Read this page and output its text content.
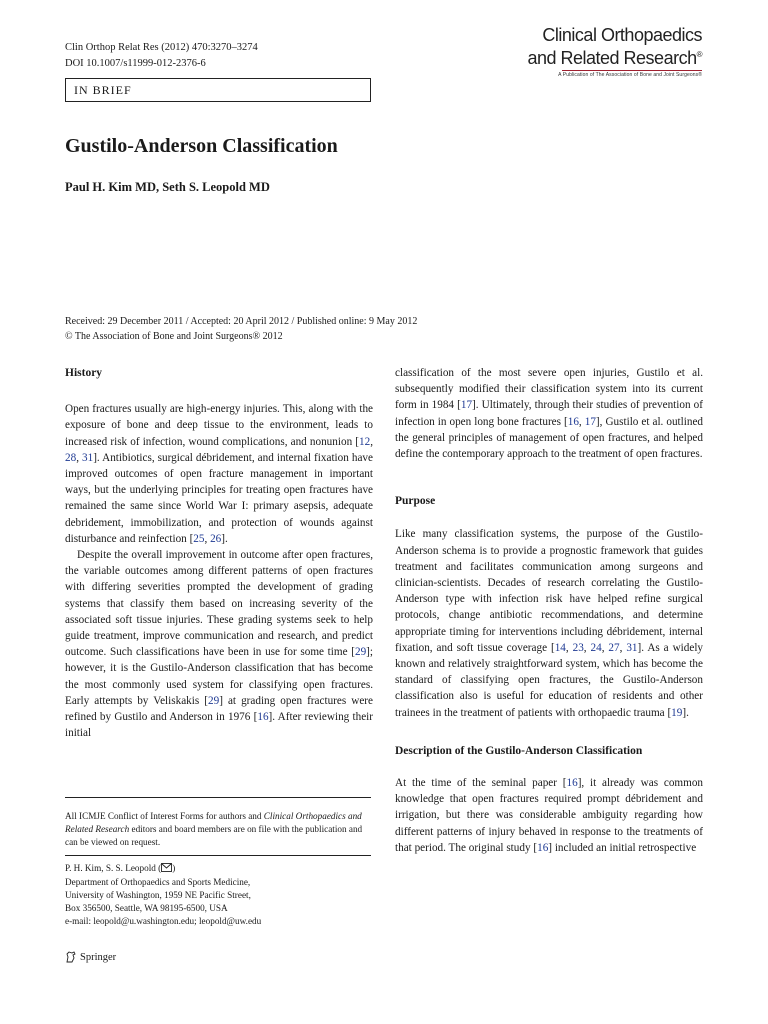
Clin Orthop Relat Res (2012) 470:3270–3274
DOI 10.1007/s11999-012-2376-6
Clinical Orthopaedics
and Related Research®
A Publication of The Association of Bone and Joint Surgeons®
IN BRIEF
Gustilo-Anderson Classification
Paul H. Kim MD, Seth S. Leopold MD
Received: 29 December 2011 / Accepted: 20 April 2012 / Published online: 9 May 2012
© The Association of Bone and Joint Surgeons® 2012

History

Open fractures usually are high-energy injuries. This, along with the exposure of bone and deep tissue to the environment, leads to increased risk of infection, wound complications, and nonunion [12, 28, 31]. Antibiotics, surgical débridement, and internal fixation have improved outcomes of open fracture management in important ways, but the underlying principles for treating open fractures have remained the same since World War I: primary asepsis, adequate debridement, immobilization, and protection of wounds against disturbance and reinfection [25, 26].

Despite the overall improvement in outcome after open fractures, the variable outcomes among different patterns of open fractures with differing severities prompted the development of grading systems that classify them based on increasing severity of the associated soft tissue injuries. These grading systems seek to help guide treatment, improve communication and research, and predict outcome. Such classifications have been in use for some time [29]; however, it is the Gustilo-Anderson classification that has become the most commonly used system for classifying open fractures. Early attempts by Veliskakis [29] at grading open fractures were refined by Gustilo and Anderson in 1976 [16]. After reviewing their initial

All ICMJE Conflict of Interest Forms for authors and Clinical Orthopaedics and Related Research editors and board members are on file with the publication and can be viewed on request.
P. H. Kim, S. S. Leopold ( )
Department of Orthopaedics and Sports Medicine,
University of Washington, 1959 NE Pacific Street,
Box 356500, Seattle, WA 98195-6500, USA
e-mail: leopold@u.washington.edu; leopold@uw.edu
Springer

classification of the most severe open injuries, Gustilo et al. subsequently modified their classification system into its current form in 1984 [17]. Ultimately, through their studies of prevention of infection in open long bone fractures [16, 17], Gustilo et al. outlined the general principles of management of open fractures, and helped define the contemporary approach to the treatment of open fractures.

Purpose

Like many classification systems, the purpose of the Gustilo-Anderson schema is to provide a prognostic framework that guides treatment and facilitates communication among surgeons and clinician-scientists. Decades of research correlating the Gustilo-Anderson type with infection risk have helped refine surgical protocols, change antibiotic recommendations, and determine appropriate timing for interventions including débridement, internal fixation, and soft tissue coverage [14, 23, 24, 27, 31]. As a widely known and relatively straightforward system, which has become the standard of classifying open fractures, the Gustilo-Anderson classification also is useful for education of residents and other trainees in the treatment of patients with orthopaedic trauma [19].

Description of the Gustilo-Anderson Classification

At the time of the seminal paper [16], it already was common knowledge that open fractures required prompt débridement and irrigation, but there was considerable ambiguity regarding how different patterns of injury behaved in response to the treatments of that period. The original study [16] included an initial retrospective
